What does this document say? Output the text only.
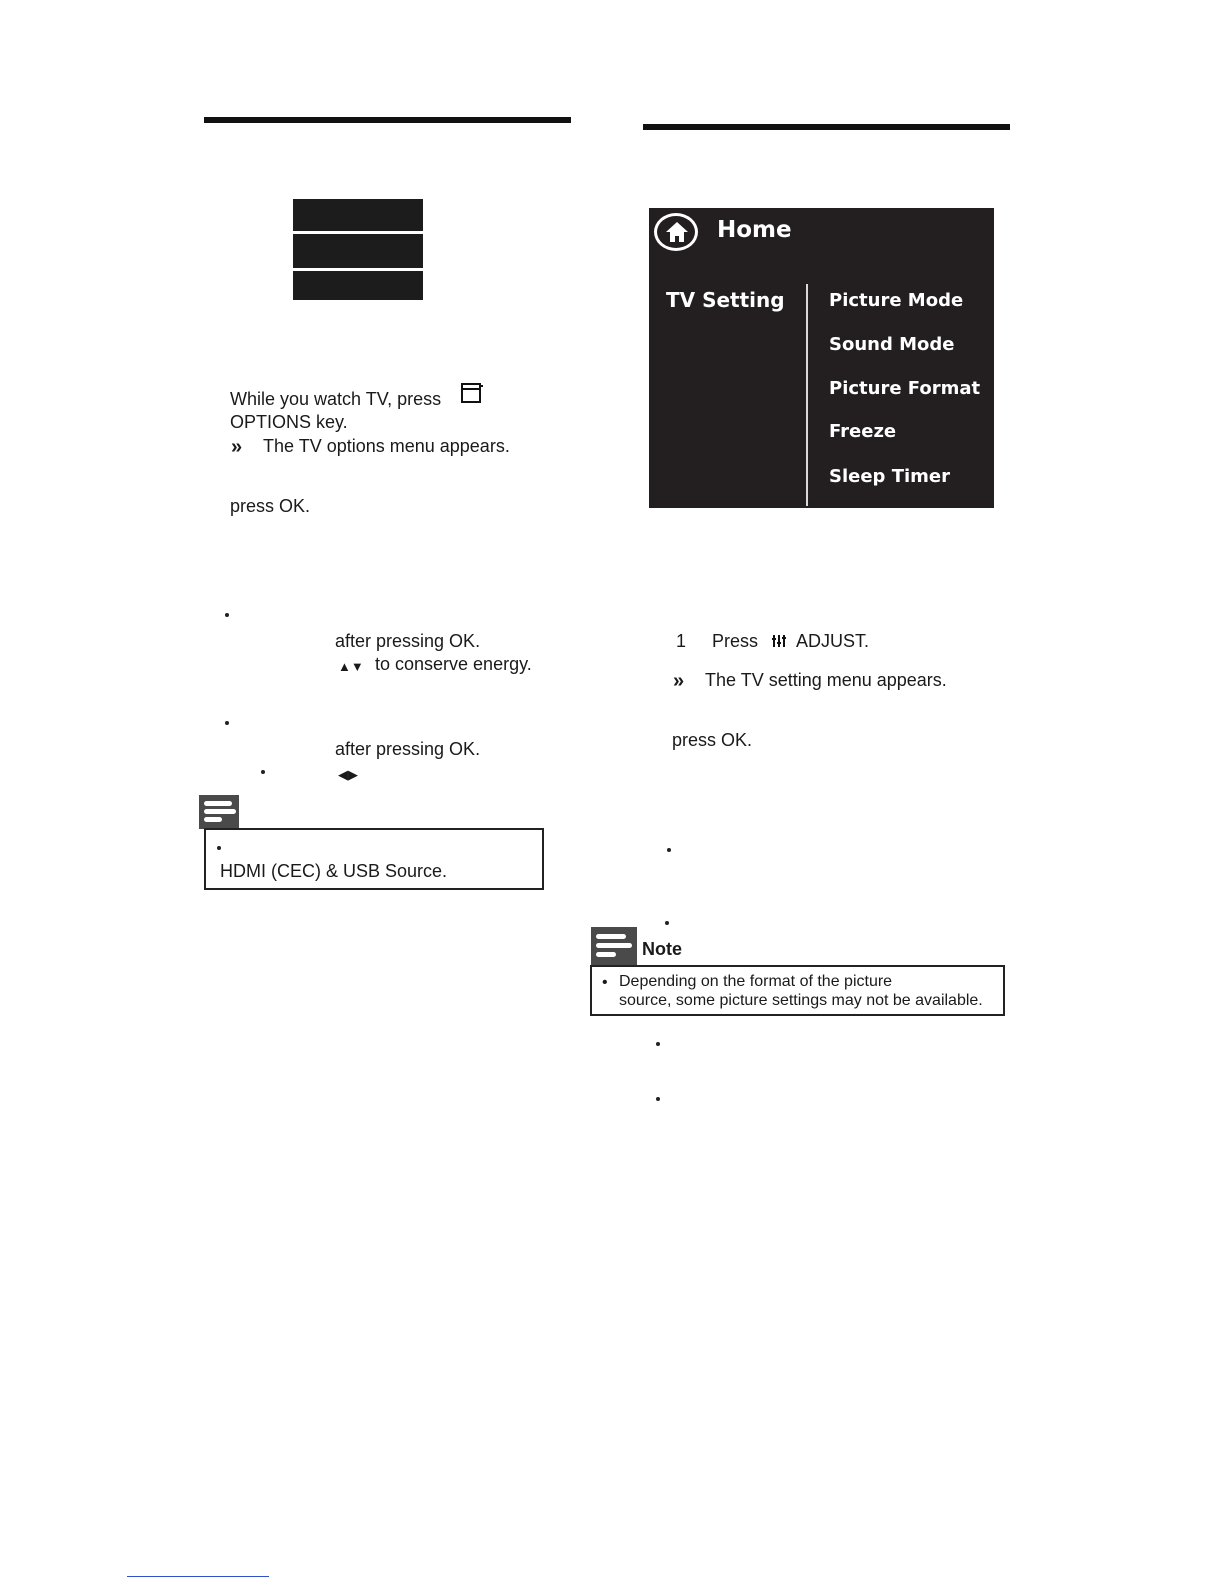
While you watch TV, press
OPTIONS key.
» The TV options menu appears.
press OK.
after pressing OK.
▲▼ to conserve energy.
after pressing OK.
◀▶
HDMI (CEC) & USB Source.
Home
TV Setting Picture Mode
Sound Mode
Picture Format
Freeze
Sleep Timer
1 Press ADJUST.
» The TV setting menu appears.
press OK.
Note
• Depending on the format of the picture
source, some picture settings may not be available.
